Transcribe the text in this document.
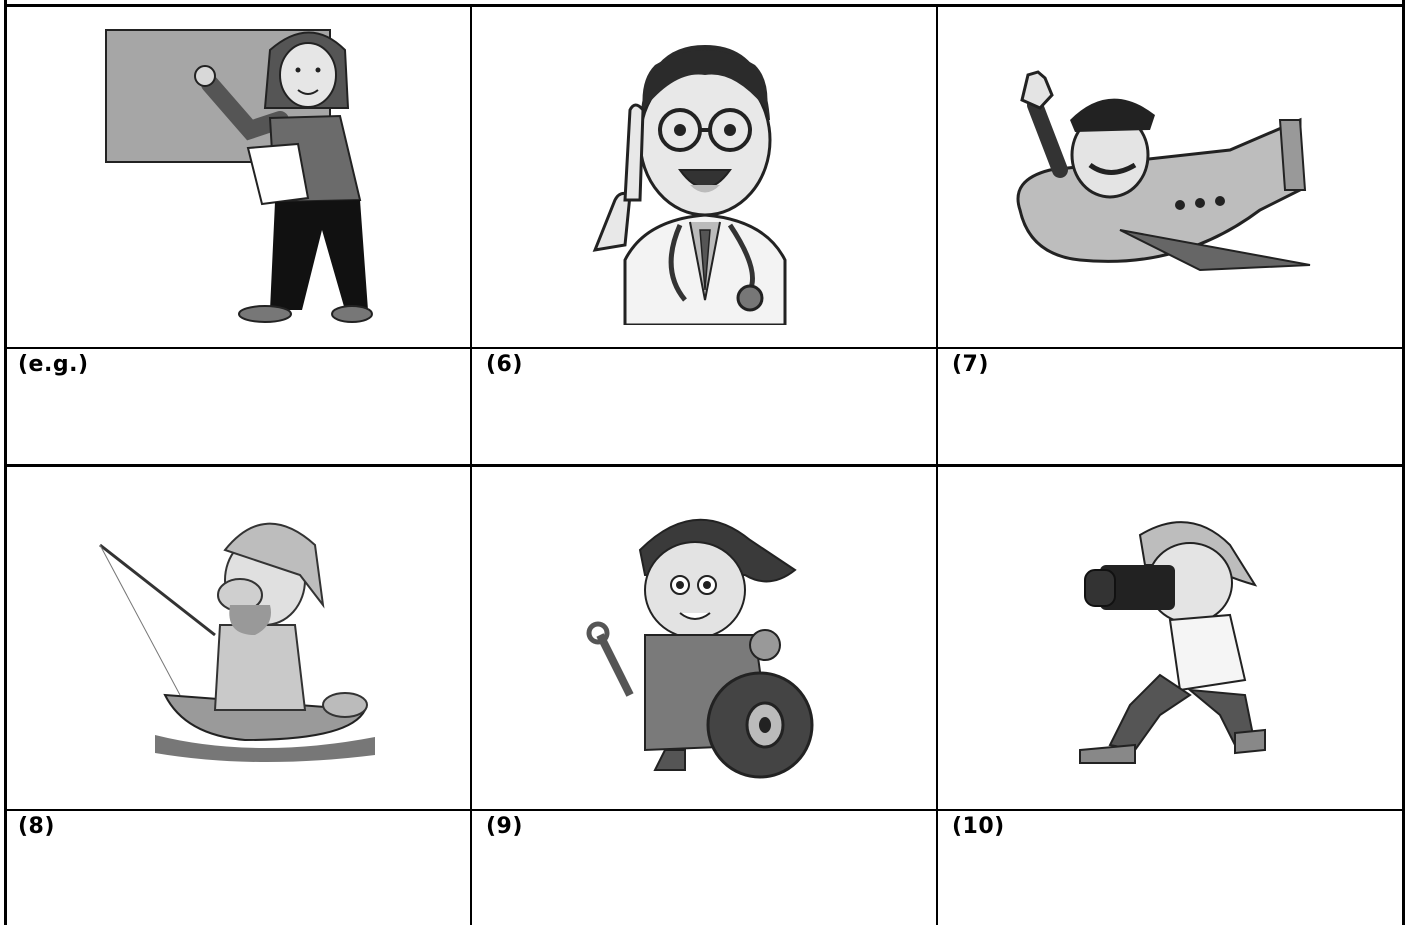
(e.g.)	(6)	(7)
(8)	(9)	(10)
